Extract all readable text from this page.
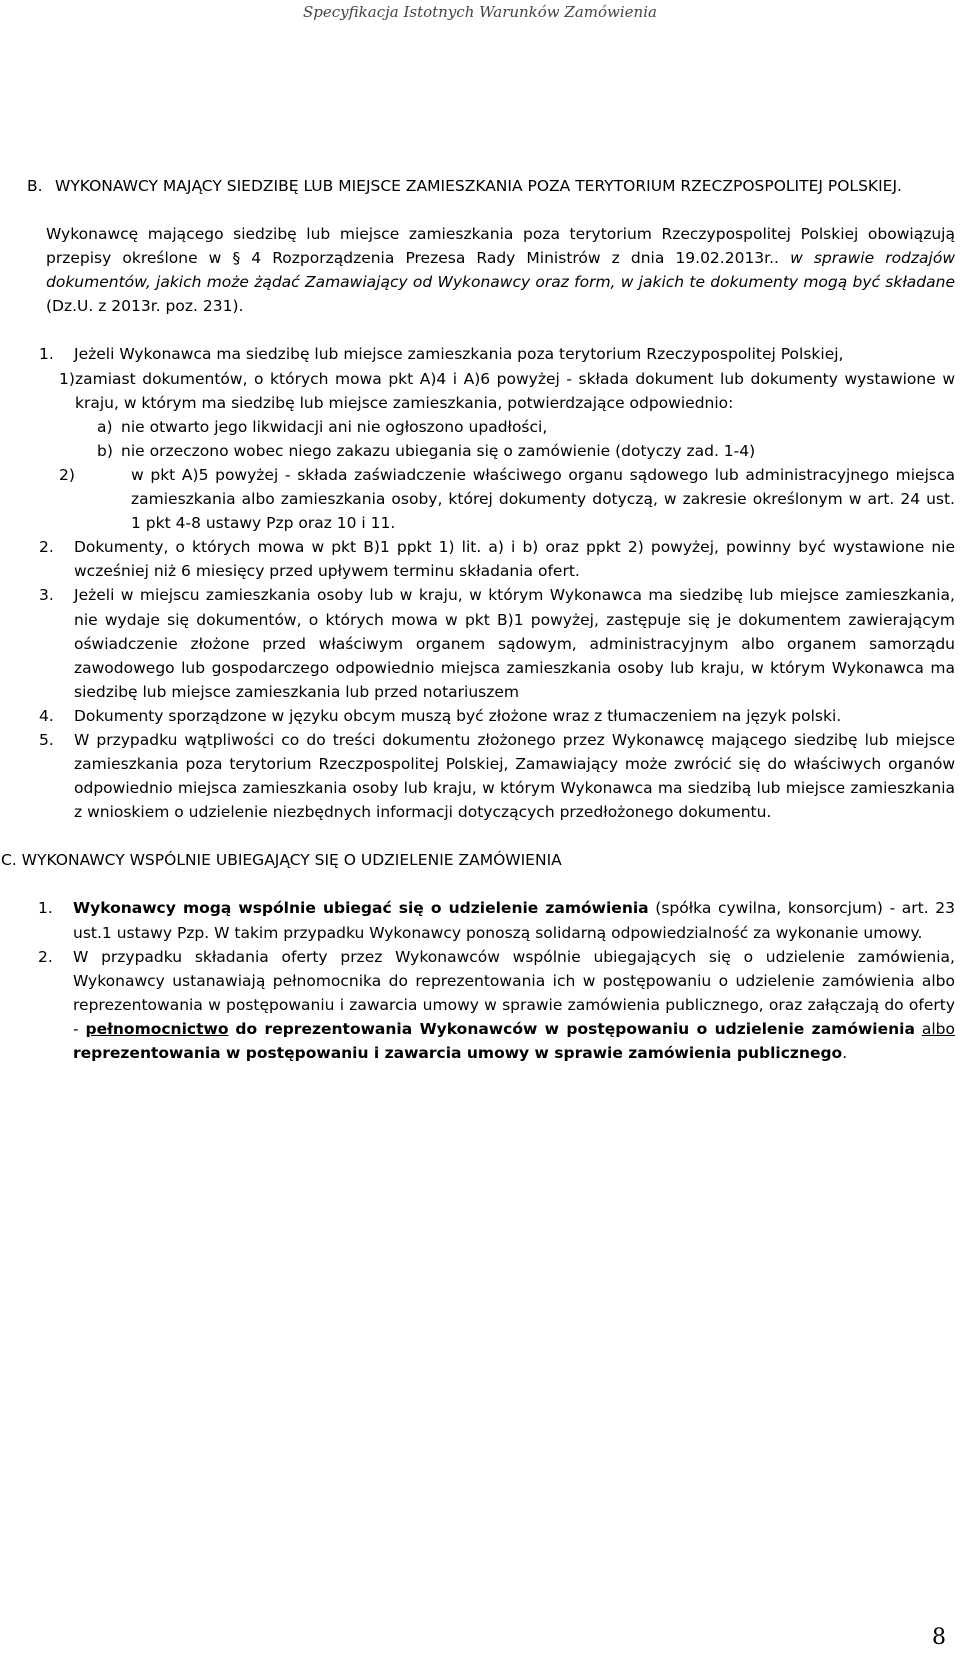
Specyfikacja Istotnych Warunków Zamówienia
B. WYKONAWCY MAJĄCY SIEDZIBĘ LUB MIEJSCE ZAMIESZKANIA POZA TERYTORIUM RZECZPOSPOLITEJ POLSKIEJ.

Wykonawcę mającego siedzibę lub miejsce zamieszkania poza terytorium Rzeczypospolitej Polskiej obowiązują przepisy określone w § 4 Rozporządzenia Prezesa Rady Ministrów z dnia 19.02.2013r.. w sprawie rodzajów dokumentów, jakich może żądać Zamawiający od Wykonawcy oraz form, w jakich te dokumenty mogą być składane (Dz.U. z 2013r. poz. 231).

1. Jeżeli Wykonawca ma siedzibę lub miejsce zamieszkania poza terytorium Rzeczypospolitej Polskiej,
1) zamiast dokumentów, o których mowa pkt A)4 i A)6 powyżej - składa dokument lub dokumenty wystawione w kraju, w którym ma siedzibę lub miejsce zamieszkania, potwierdzające odpowiednio:
a) nie otwarto jego likwidacji ani nie ogłoszono upadłości,
b) nie orzeczono wobec niego zakazu ubiegania się o zamówienie (dotyczy zad. 1-4)
2)	w pkt A)5 powyżej - składa zaświadczenie właściwego organu sądowego lub administracyjnego miejsca zamieszkania albo zamieszkania osoby, której dokumenty dotyczą, w zakresie określonym w art. 24 ust. 1 pkt 4-8 ustawy Pzp oraz 10 i 11.
2. Dokumenty, o których mowa w pkt B)1 ppkt 1) lit. a) i b) oraz ppkt 2) powyżej, powinny być wystawione nie wcześniej niż 6 miesięcy przed upływem terminu składania ofert.
3. Jeżeli w miejscu zamieszkania osoby lub w kraju, w którym Wykonawca ma siedzibę lub miejsce zamieszkania, nie wydaje się dokumentów, o których mowa w pkt B)1 powyżej, zastępuje się je dokumentem zawierającym oświadczenie złożone przed właściwym organem sądowym, administracyjnym albo organem samorządu zawodowego lub gospodarczego odpowiednio miejsca zamieszkania osoby lub kraju, w którym Wykonawca ma siedzibę lub miejsce zamieszkania lub przed notariuszem
4. Dokumenty sporządzone w języku obcym muszą być złożone wraz z tłumaczeniem na język polski.
5. W przypadku wątpliwości co do treści dokumentu złożonego przez Wykonawcę mającego siedzibę lub miejsce zamieszkania poza terytorium Rzeczpospolitej Polskiej, Zamawiający może zwrócić się do właściwych organów odpowiednio miejsca zamieszkania osoby lub kraju, w którym Wykonawca ma siedzibą lub miejsce zamieszkania z wnioskiem o udzielenie niezbędnych informacji dotyczących przedłożonego dokumentu.

C. WYKONAWCY WSPÓLNIE UBIEGAJĄCY SIĘ O UDZIELENIE ZAMÓWIENIA

1. Wykonawcy mogą wspólnie ubiegać się o udzielenie zamówienia (spółka cywilna, konsorcjum) - art. 23 ust.1 ustawy Pzp. W takim przypadku Wykonawcy ponoszą solidarną odpowiedzialność za wykonanie umowy.
2. W przypadku składania oferty przez Wykonawców wspólnie ubiegających się o udzielenie zamówienia, Wykonawcy ustanawiają pełnomocnika do reprezentowania ich w postępowaniu o udzielenie zamówienia albo reprezentowania w postępowaniu i zawarcia umowy w sprawie zamówienia publicznego, oraz załączają do oferty - pełnomocnictwo do reprezentowania Wykonawców w postępowaniu o udzielenie zamówienia albo reprezentowania w postępowaniu i zawarcia umowy w sprawie zamówienia publicznego.
8
